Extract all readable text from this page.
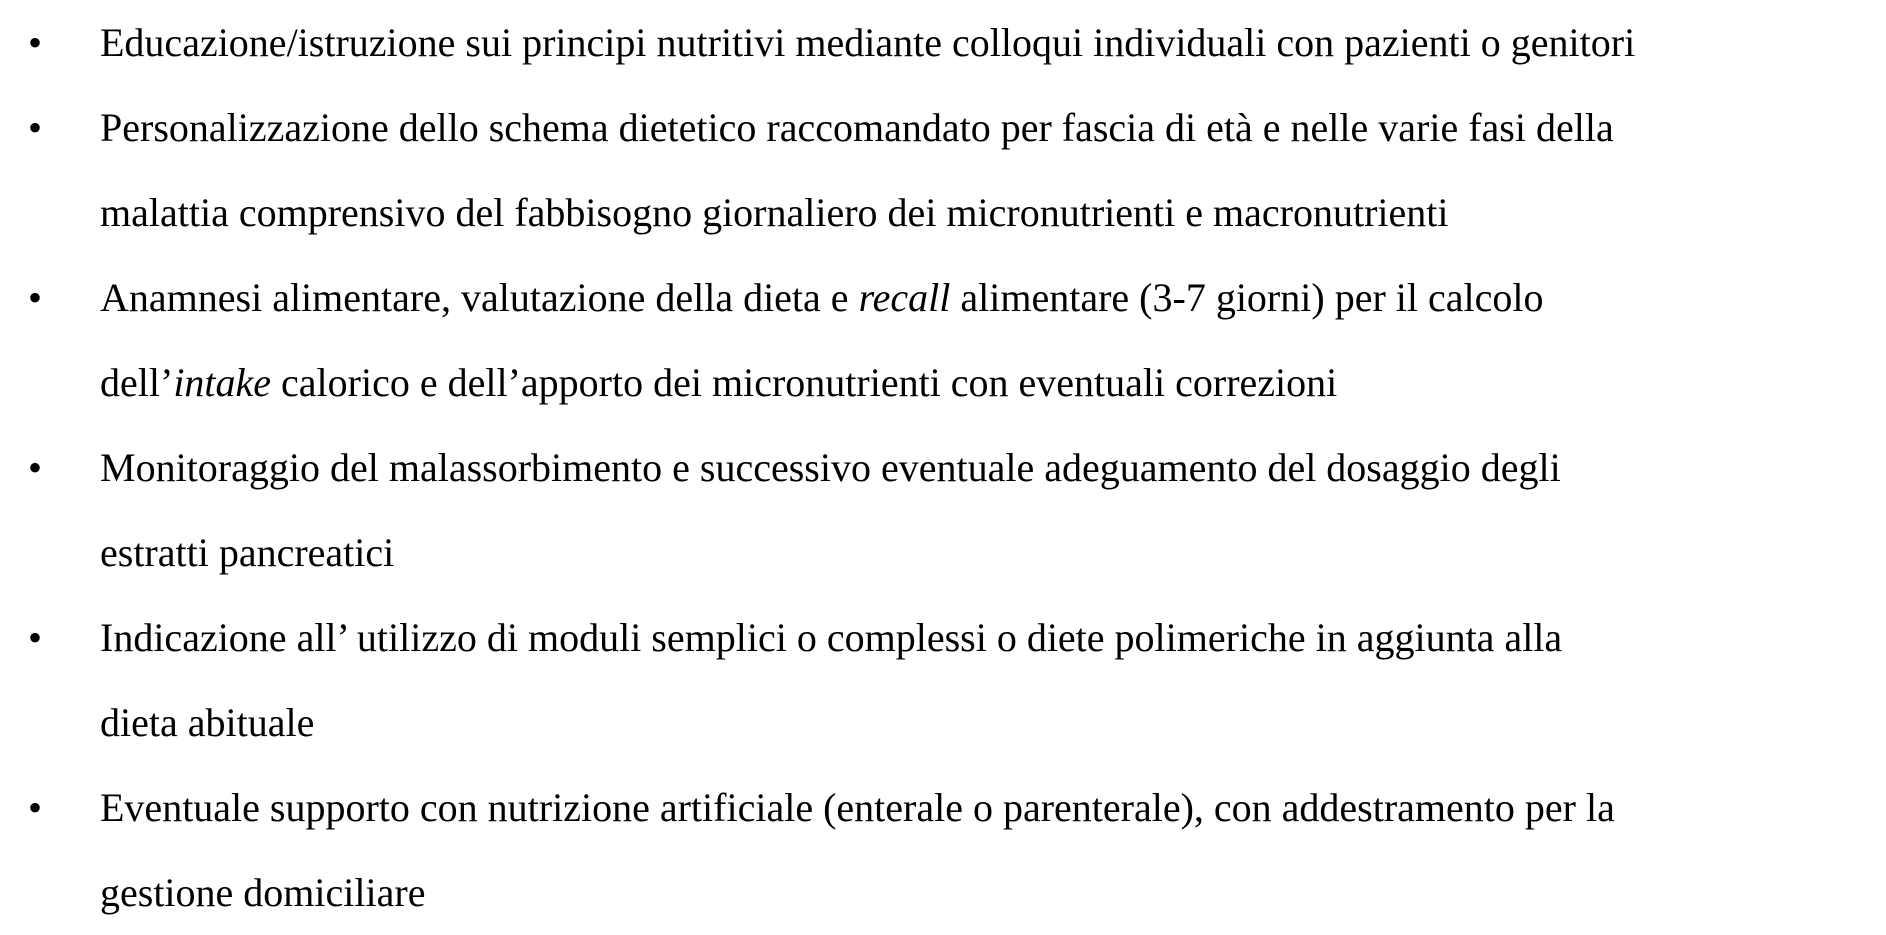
• Educazione/istruzione sui principi nutritivi mediante colloqui individuali con pazienti o genitori
• Personalizzazione dello schema dietetico raccomandato per fascia di età e nelle varie fasi della
malattia comprensivo del fabbisogno giornaliero dei micronutrienti e macronutrienti
• Anamnesi alimentare, valutazione della dieta e recall alimentare (3-7 giorni) per il calcolo
dell’intake calorico e dell’apporto dei micronutrienti con eventuali correzioni
• Monitoraggio del malassorbimento e successivo eventuale adeguamento del dosaggio degli
estratti pancreatici
• Indicazione all’ utilizzo di moduli semplici o complessi o diete polimeriche in aggiunta alla
dieta abituale
• Eventuale supporto con nutrizione artificiale (enterale o parenterale), con addestramento per la
gestione domiciliare
